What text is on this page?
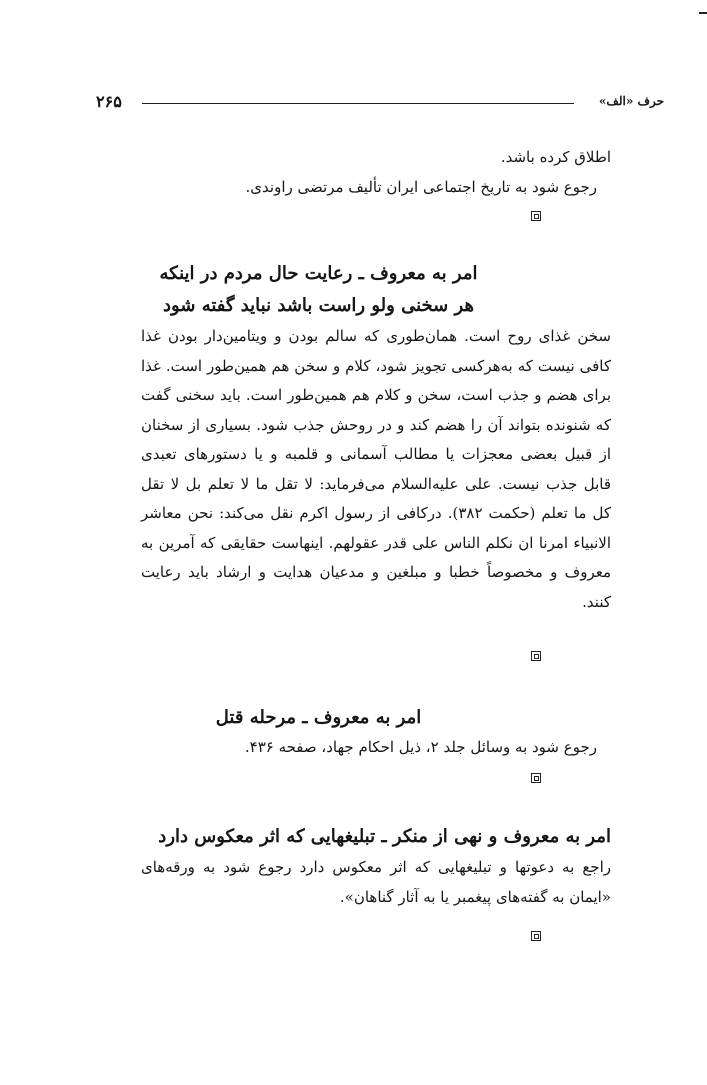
۲۶۵	حرف «الف»

اطلاق کرده باشد.

رجوع شود به تاریخ اجتماعی ایران تألیف مرتضی راوندی.

امر به معروف ـ رعایت حال مردم در اینکه
هر سخنی ولو راست باشد نباید گفته شود

سخن غذای روح است. همان‌طوری که سالم بودن و ویتامین‌دار بودن غذا کافی نیست که به‌هرکسی تجویز شود، کلام و سخن هم همین‌طور است. غذا برای هضم و جذب است، سخن و کلام هم همین‌طور است. باید سخنی گفت که شنونده بتواند آن را هضم کند و در روحش جذب شود. بسیاری از سخنان از قبیل بعضی معجزات یا مطالب آسمانی و قلمبه و یا دستورهای تعبدی قابل جذب نیست. علی علیه‌السلام می‌فرماید: لا تقل ما لا تعلم بل لا تقل کل ما تعلم (حکمت ۳۸۲). درکافی از رسول اکرم نقل می‌کند: نحن معاشر الانبیاء امرنا ان نکلم الناس علی قدر عقولهم. اینهاست حقایقی که آمرین به معروف و مخصوصاً خطبا و مبلغین و مدعیان هدایت و ارشاد باید رعایت کنند.

امر به معروف ـ مرحله قتل

رجوع شود به وسائل جلد ۲، ذیل احکام جهاد، صفحه ۴۳۶.

امر به معروف و نهی از منکر ـ تبلیغهایی که اثر معکوس دارد

راجع به دعوتها و تبلیغهایی که اثر معکوس دارد رجوع شود به ورقه‌های «ایمان به گفته‌های پیغمبر یا به آثار گناهان».
